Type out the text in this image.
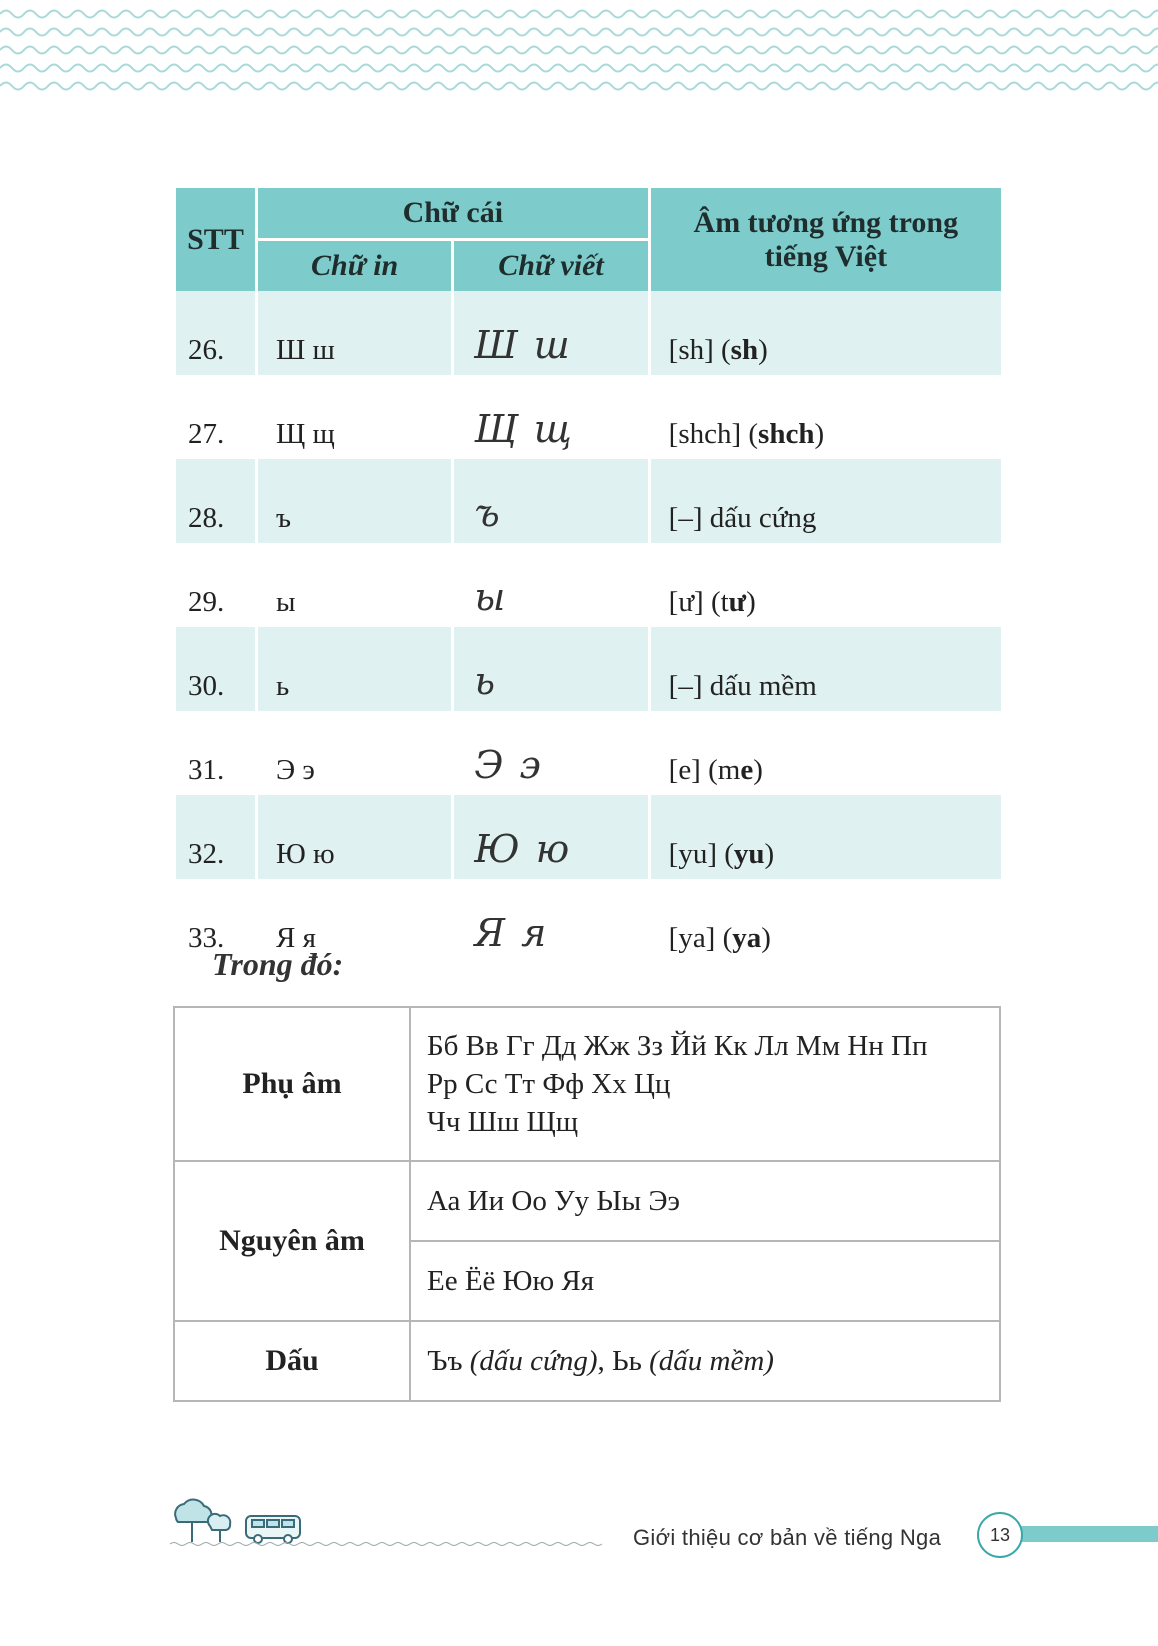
STT	Chữ cái		Âm tương ứng trong tiếng Việt
	Chữ in	Chữ viết	
26.	Ш ш	Ш ш	[sh] (sh)
27.	Щ щ	Щ щ	[shch] (shch)
28.	ъ	ъ	[–] dấu cứng
29.	ы	ы	[ư] (tư)
30.	ь	ь	[–] dấu mềm
31.	Э э	Э э	[e] (me)
32.	Ю ю	Ю ю	[yu] (yu)
33.	Я я	Я я	[ya] (ya)
Trong đó:
Phụ âm	Бб Вв Гг Дд Жж Зз Йй Кк Лл Мм Нн Пп
Рр Сс Тт Фф Хх Цц
Чч Шш Щщ

Nguyên âm	Аа Ии Оо Уу Ыы Ээ
	Ее Ёё Юю Яя
Dấu	Ъъ (dấu cứng), Ьь (dấu mềm)
Giới thiệu cơ bản về tiếng Nga	13
